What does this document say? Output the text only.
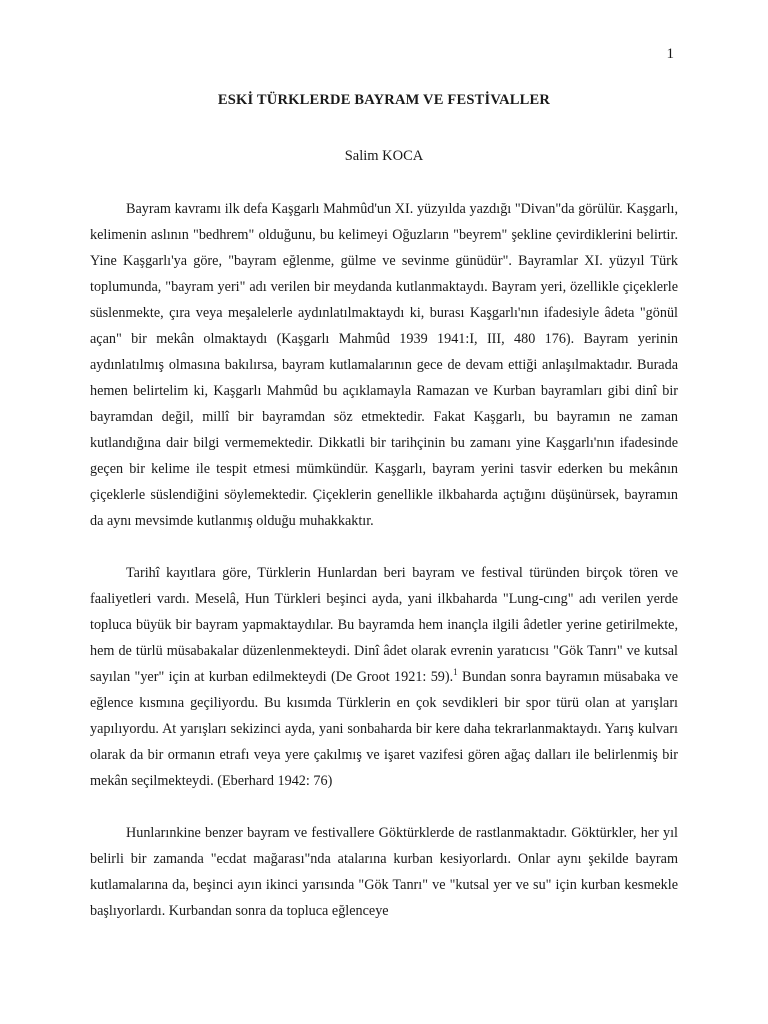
1
ESKİ TÜRKLERDE BAYRAM VE FESTİVALLER
Salim KOCA

Bayram kavramı ilk defa Kaşgarlı Mahmûd'un XI. yüzyılda yazdığı "Divan"da görülür. Kaşgarlı, kelimenin aslının "bedhrem" olduğunu, bu kelimeyi Oğuzların "beyrem" şekline çevirdiklerini belirtir. Yine Kaşgarlı'ya göre, "bayram eğlenme, gülme ve sevinme günüdür". Bayramlar XI. yüzyıl Türk toplumunda, "bayram yeri" adı verilen bir meydanda kutlanmaktaydı. Bayram yeri, özellikle çiçeklerle süslenmekte, çıra veya meşalelerle aydınlatılmaktaydı ki, burası Kaşgarlı'nın ifadesiyle âdeta "gönül açan" bir mekân olmaktaydı (Kaşgarlı Mahmûd 1939 1941:I, III, 480 176). Bayram yerinin aydınlatılmış olmasına bakılırsa, bayram kutlamalarının gece de devam ettiği anlaşılmaktadır. Burada hemen belirtelim ki, Kaşgarlı Mahmûd bu açıklamayla Ramazan ve Kurban bayramları gibi dinî bir bayramdan değil, millî bir bayramdan söz etmektedir. Fakat Kaşgarlı, bu bayramın ne zaman kutlandığına dair bilgi vermemektedir. Dikkatli bir tarihçinin bu zamanı yine Kaşgarlı'nın ifadesinde geçen bir kelime ile tespit etmesi mümkündür. Kaşgarlı, bayram yerini tasvir ederken bu mekânın çiçeklerle süslendiğini söylemektedir. Çiçeklerin genellikle ilkbaharda açtığını düşünürsek, bayramın da aynı mevsimde kutlanmış olduğu muhakkaktır.

Tarihî kayıtlara göre, Türklerin Hunlardan beri bayram ve festival türünden birçok tören ve faaliyetleri vardı. Meselâ, Hun Türkleri beşinci ayda, yani ilkbaharda "Lung-cıng" adı verilen yerde topluca büyük bir bayram yapmaktaydılar. Bu bayramda hem inançla ilgili âdetler yerine getirilmekte, hem de türlü müsabakalar düzenlenmekteydi. Dinî âdet olarak evrenin yaratıcısı "Gök Tanrı" ve kutsal sayılan "yer" için at kurban edilmekteydi (De Groot 1921: 59).$^1$ Bundan sonra bayramın müsabaka ve eğlence kısmına geçiliyordu. Bu kısımda Türklerin en çok sevdikleri bir spor türü olan at yarışları yapılıyordu. At yarışları sekizinci ayda, yani sonbaharda bir kere daha tekrarlanmaktaydı. Yarış kulvarı olarak da bir ormanın etrafı veya yere çakılmış ve işaret vazifesi gören ağaç dalları ile belirlenmiş bir mekân seçilmekteydi. (Eberhard 1942: 76)

Hunlarınkine benzer bayram ve festivallere Göktürklerde de rastlanmaktadır. Göktürkler, her yıl belirli bir zamanda "ecdat mağarası"nda atalarına kurban kesiyorlardı. Onlar aynı şekilde bayram kutlamalarına da, beşinci ayın ikinci yarısında "Gök Tanrı" ve "kutsal yer ve su" için kurban kesmekle başlıyorlardı. Kurbandan sonra da topluca eğlenceye
